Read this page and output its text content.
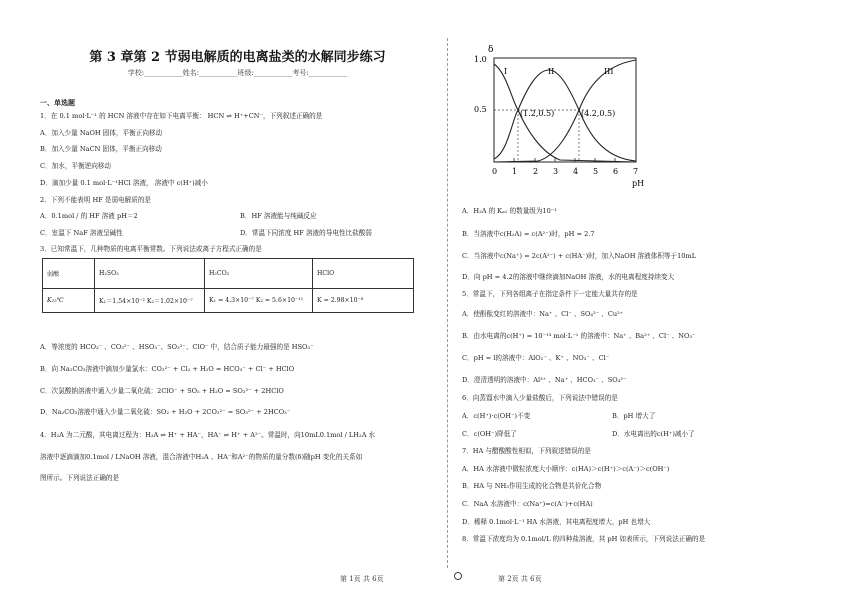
第 3 章第 2 节弱电解质的电离盐类的水解同步练习
学校:___________姓名:___________班级:___________考号:___________
一、单选题
1．在 0.1 mol·L⁻¹ 的 HCN 溶液中存在如下电离平衡： HCN ⇌ H⁺+CN⁻，下列叙述正确的是
A．加入少量 NaOH 固体，平衡正向移动
B．加入少量 NaCN 固体，平衡正向移动
C．加水，平衡逆向移动
D．滴加少量 0.1 mol·L⁻¹HCl 溶液， 溶液中 c(H⁺)减小
2．下列不能表明 HF 是弱电解质的是
A．0.1mol / 的 HF 溶液 pH＝2	B．HF 溶液能与纯碱反应
C．室温下 NaF 溶液呈碱性	D．常温下同浓度 HF 溶液的导电性比盐酸弱
3．已知常温下，几种物质的电离平衡常数。下列说法或离子方程式正确的是
弱酸	H₂SO₃	H₂CO₃	HClO
K₂₅℃	K₁＝1.54×10⁻² K₂＝1.02×10⁻⁷	K₁ = 4.3×10⁻⁷ K₂ = 5.6×10⁻¹¹	K = 2.98×10⁻⁸
A．等浓度的 HCO₃⁻ 、CO₃²⁻ 、HSO₃⁻、SO₃²⁻、ClO⁻ 中，结合质子能力最强的是 HSO₃⁻
B．向 Na₂CO₃溶液中滴加少量氯水：CO₃²⁻ + Cl₂ + H₂O = HCO₃⁻ + Cl⁻ + HClO
C．次氯酸钠溶液中通入少量二氧化硫：2ClO⁻ + SO₂ + H₂O = SO₃²⁻ + 2HClO
D．Na₂CO₃溶液中通入少量二氧化硫：SO₂ + H₂O + 2CO₃²⁻ = SO₃²⁻ + 2HCO₃⁻
4．H₂A 为二元酸，其电离过程为：H₂A ⇌ H⁺ + HA⁻，HA⁻ ⇌ H⁺ + A²⁻。常温时，向10mL0.1mol / LH₂A 水
溶液中逐滴滴加0.1mol / LNaOH 溶液，混合溶液中H₂A 、HA⁻和A²⁻的物质的量分数(δ)随pH 变化的关系如
图所示。下列说法正确的是
第 1页 共 6页
δ
1.0
0.5
0 1 2 3 4 5 6 7
pH
I	II	III
(1.2,0.5)	(4.2,0.5)
A．H₂A 的 Kₐ₁ 的数量级为10⁻¹
B．当溶液中c(H₂A) = c(A²⁻)时，pH = 2.7
C．当溶液中c(Na⁺) = 2c(A²⁻) + c(HA⁻)时，加入NaOH 溶液体积等于10mL
D．向 pH = 4.2的溶液中继续滴加NaOH 溶液，水的电离程度持续变大
5．常温下，下列各组离子在指定条件下一定能大量共存的是
A．使酚酞变红的溶液中：Na⁺ 、Cl⁻ 、SO₄²⁻ 、Cu²⁺
B．由水电离的c(H⁺) = 10⁻¹³ mol·L⁻¹ 的溶液中：Na⁺ 、Ba²⁺ 、Cl⁻ 、NO₃⁻
C．pH = l的溶液中：AlO₂⁻ 、K⁺ 、NO₃⁻ 、Cl⁻
D．澄清透明的溶液中：Al³⁺ 、Na⁺ 、HCO₃⁻ 、SO₄²⁻
6．向蒸馏水中滴入少量盐酸后，下列说法中错误的是
A．c(H⁺)·c(OH⁻)不变	B．pH 增大了
C．c(OH⁻)降低了	D．水电离出的c(H⁺)减小了
7．HA 与醋酸酸性相似，下列叙述错误的是
A．HA 水溶液中微粒浓度大小顺序：c(HA)＞c(H⁺)＞c(A⁻)＞c(OH⁻)
B．HA 与 NH₃作用生成的化合物是共价化合物
C．NaA 水溶液中：c(Na⁺)=c(A⁻)+c(HA)
D．稀释 0.1mol·L⁻¹ HA 水溶液，其电离程度增大，pH 也增大
8．常温下浓度均为 0.1mol/L 的四种盐溶液，其 pH 如表所示，下列说法正确的是
第 2页 共 6页
